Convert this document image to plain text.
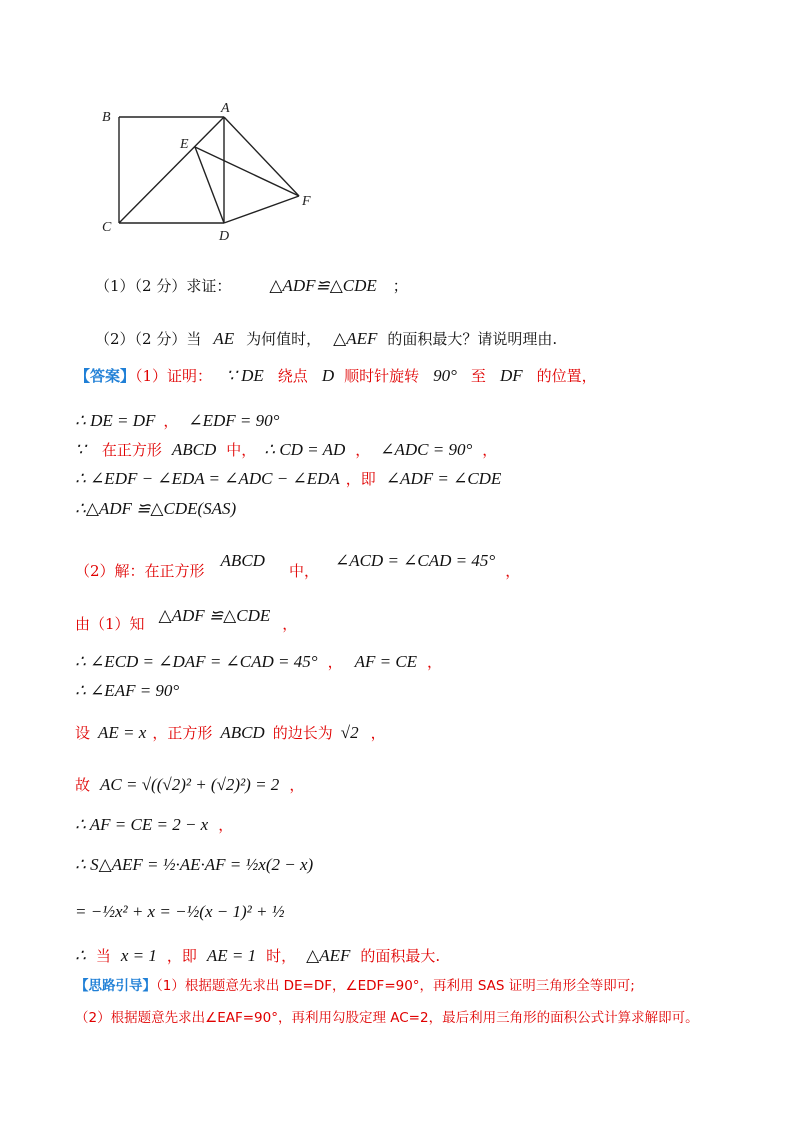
B
A
E
F
C
D
（1）（2 分）求证： △ADF≌△CDE ；
（2）（2 分）当 AE 为何值时， △AEF 的面积最大？请说明理由.
【答案】（1）证明： ∵ DE 绕点 D 顺时针旋转 90° 至 DF 的位置，
∴ DE = DF ， ∠EDF = 90°
∵ 在正方形 ABCD 中， ∴ CD = AD ， ∠ADC = 90° ，
∴ ∠EDF − ∠EDA = ∠ADC − ∠EDA ，即 ∠ADF = ∠CDE
∴△ADF ≌△CDE(SAS)
（2）解：在正方形ABCD中，∠ACD = ∠CAD = 45°，
由（1）知 △ADF ≌△CDE ，
∴ ∠ECD = ∠DAF = ∠CAD = 45° ， AF = CE ，
∴ ∠EAF = 90°
设 AE = x ，正方形 ABCD 的边长为 √2 ，
故 AC = √((√2)² + (√2)²) = 2 ，
∴ AF = CE = 2 − x ，
∴ S△AEF = ½·AE·AF = ½x(2 − x)
= −½x² + x = −½(x − 1)² + ½
∴ 当 x = 1 ，即 AE = 1 时， △AEF 的面积最大.
【思路引导】（1）根据题意先求出 DE=DF，∠EDF=90°，再利用 SAS 证明三角形全等即可;
（2）根据题意先求出∠EAF=90°，再利用勾股定理 AC=2，最后利用三角形的面积公式计算求解即可。
